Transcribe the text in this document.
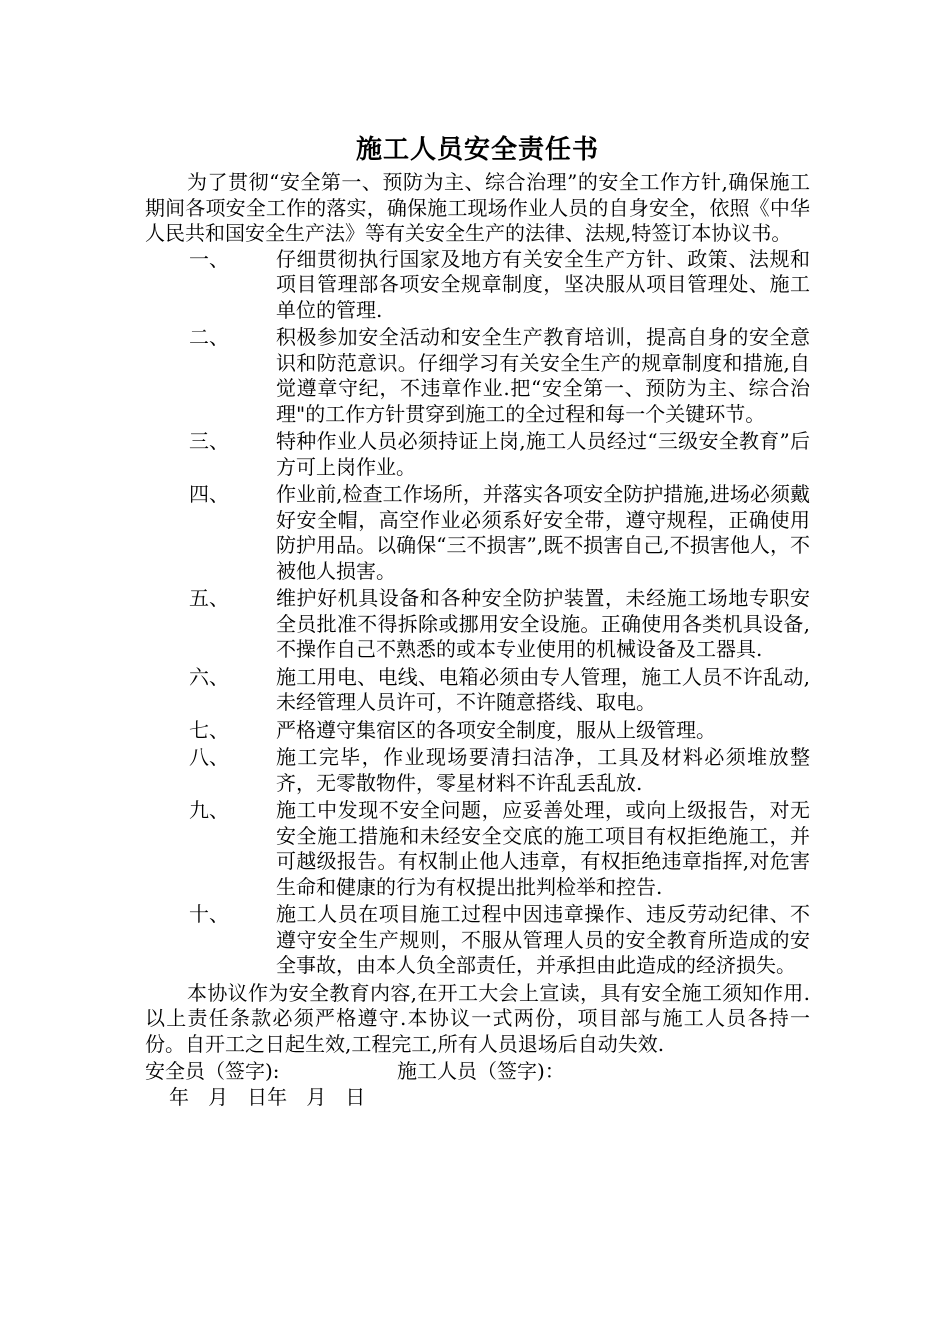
施工人员安全责任书

为了贯彻“安全第一、预防为主、综合治理”的安全工作方针,确保施工期间各项安全工作的落实，确保施工现场作业人员的自身安全，依照《中华人民共和国安全生产法》等有关安全生产的法律、法规,特签订本协议书。

一、	仔细贯彻执行国家及地方有关安全生产方针、政策、法规和项目管理部各项安全规章制度，坚决服从项目管理处、施工单位的管理.
二、	积极参加安全活动和安全生产教育培训，提高自身的安全意识和防范意识。仔细学习有关安全生产的规章制度和措施,自觉遵章守纪，不违章作业.把“安全第一、预防为主、综合治理"的工作方针贯穿到施工的全过程和每一个关键环节。
三、	特种作业人员必须持证上岗,施工人员经过“三级安全教育”后方可上岗作业。
四、	作业前,检查工作场所，并落实各项安全防护措施,进场必须戴好安全帽，高空作业必须系好安全带，遵守规程，正确使用防护用品。以确保“三不损害”,既不损害自己,不损害他人，不被他人损害。
五、	维护好机具设备和各种安全防护装置，未经施工场地专职安全员批准不得拆除或挪用安全设施。正确使用各类机具设备,不操作自己不熟悉的或本专业使用的机械设备及工器具.
六、	施工用电、电线、电箱必须由专人管理，施工人员不许乱动,未经管理人员许可，不许随意搭线、取电。
七、	严格遵守集宿区的各项安全制度，服从上级管理。
八、	施工完毕，作业现场要清扫洁净，工具及材料必须堆放整齐，无零散物件，零星材料不许乱丢乱放.
九、	施工中发现不安全问题，应妥善处理，或向上级报告，对无安全施工措施和未经安全交底的施工项目有权拒绝施工，并可越级报告。有权制止他人违章，有权拒绝违章指挥,对危害生命和健康的行为有权提出批判检举和控告.
十、	施工人员在项目施工过程中因违章操作、违反劳动纪律、不遵守安全生产规则，不服从管理人员的安全教育所造成的安全事故，由本人负全部责任，并承担由此造成的经济损失。

本协议作为安全教育内容,在开工大会上宣读，具有安全施工须知作用.以上责任条款必须严格遵守.本协议一式两份，项目部与施工人员各持一份。自开工之日起生效,工程完工,所有人员退场后自动失效.

安全员（签字):	施工人员（签字)：
年   月   日年   月   日
